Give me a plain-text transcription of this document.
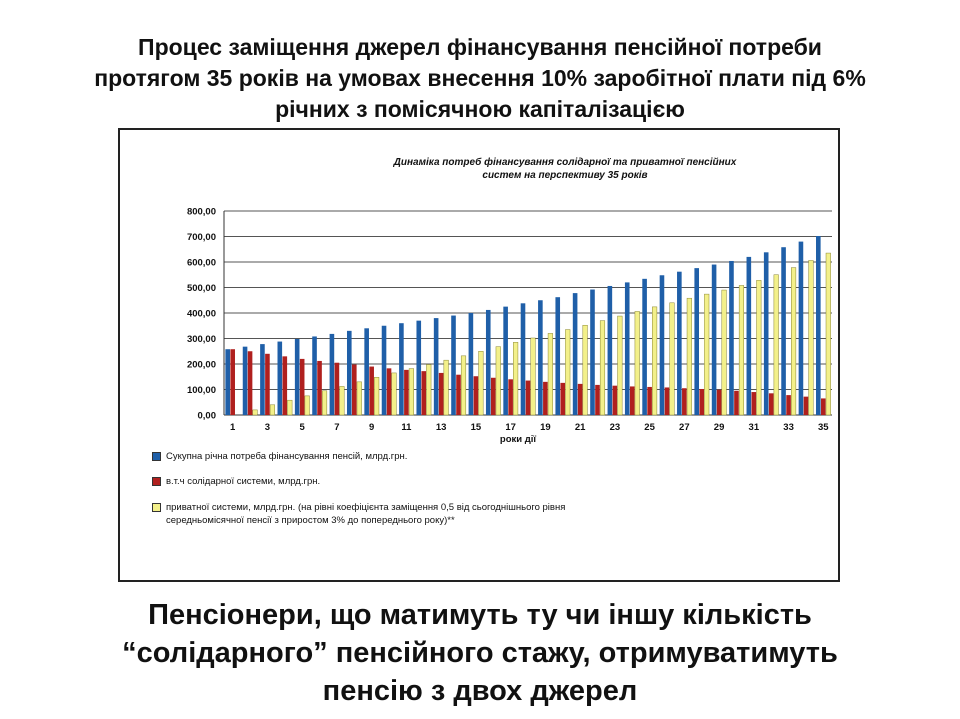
Процес заміщення джерел фінансування пенсійної потреби
протягом 35 років на умовах внесення 10% заробітної плати під 6%
річних з помісячною капіталізацією
Динаміка потреб фінансування солідарної та приватної пенсійних
систем на перспективу 35 років
0,00
100,00
200,00
300,00
400,00
500,00
600,00
700,00
800,00
1	3	5	7	9	11	13	15	17	19	21	23	25	27	29	31	33	35
роки дії
Сукупна річна потреба фінансування пенсій, млрд.грн.
в.т.ч солідарної системи, млрд.грн.
приватної системи, млрд.грн. (на рівні коефіцієнта заміщення 0,5 від сьогоднішнього рівня
середньомісячної пенсії з приростом 3% до попереднього року)**
Пенсіонери, що матимуть ту чи іншу кількість
“солідарного” пенсійного стажу, отримуватимуть
пенсію з двох джерел
